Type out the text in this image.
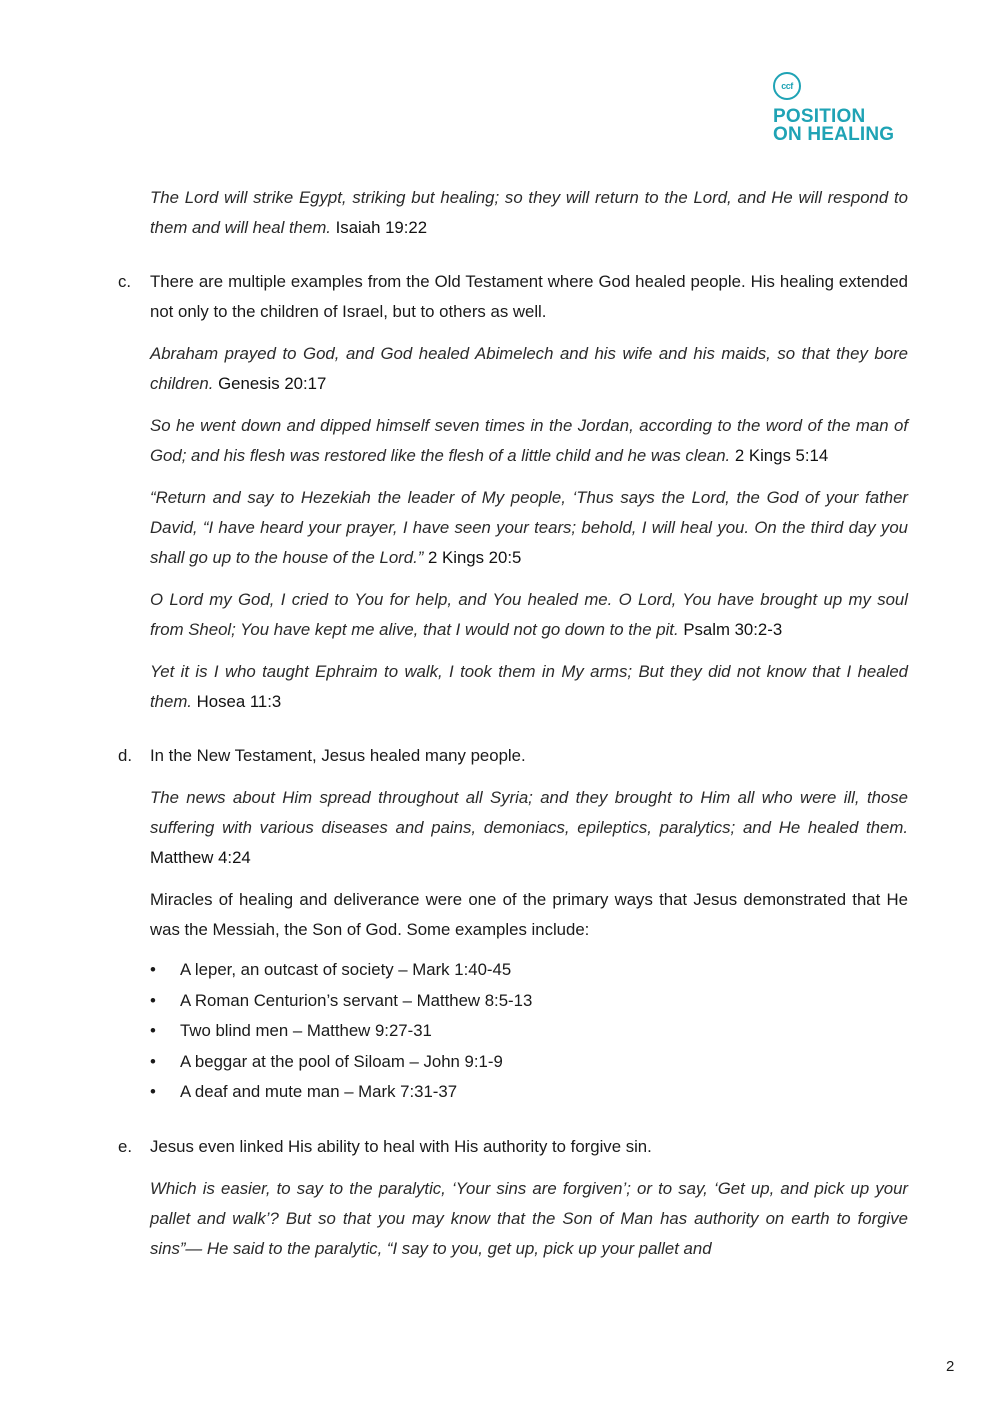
ccf
POSITION
ON HEALING

The Lord will strike Egypt, striking but healing; so they will return to the Lord, and He will respond to them and will heal them. Isaiah 19:22

c. There are multiple examples from the Old Testament where God healed people. His healing extended not only to the children of Israel, but to others as well.

Abraham prayed to God, and God healed Abimelech and his wife and his maids, so that they bore children. Genesis 20:17

So he went down and dipped himself seven times in the Jordan, according to the word of the man of God; and his flesh was restored like the flesh of a little child and he was clean. 2 Kings 5:14

“Return and say to Hezekiah the leader of My people, ‘Thus says the Lord, the God of your father David, “I have heard your prayer, I have seen your tears; behold, I will heal you. On the third day you shall go up to the house of the Lord.” 2 Kings 20:5

O Lord my God, I cried to You for help, and You healed me. O Lord, You have brought up my soul from Sheol; You have kept me alive, that I would not go down to the pit. Psalm 30:2-3

Yet it is I who taught Ephraim to walk, I took them in My arms; But they did not know that I healed them. Hosea 11:3

d. In the New Testament, Jesus healed many people.

The news about Him spread throughout all Syria; and they brought to Him all who were ill, those suffering with various diseases and pains, demoniacs, epileptics, paralytics; and He healed them. Matthew 4:24

Miracles of healing and deliverance were one of the primary ways that Jesus demonstrated that He was the Messiah, the Son of God. Some examples include:

• A leper, an outcast of society – Mark 1:40-45
• A Roman Centurion’s servant – Matthew 8:5-13
• Two blind men – Matthew 9:27-31
• A beggar at the pool of Siloam – John 9:1-9
• A deaf and mute man – Mark 7:31-37
e. Jesus even linked His ability to heal with His authority to forgive sin.

Which is easier, to say to the paralytic, ‘Your sins are forgiven’; or to say, ‘Get up, and pick up your pallet and walk’? But so that you may know that the Son of Man has authority on earth to forgive sins”— He said to the paralytic, “I say to you, get up, pick up your pallet and

2
